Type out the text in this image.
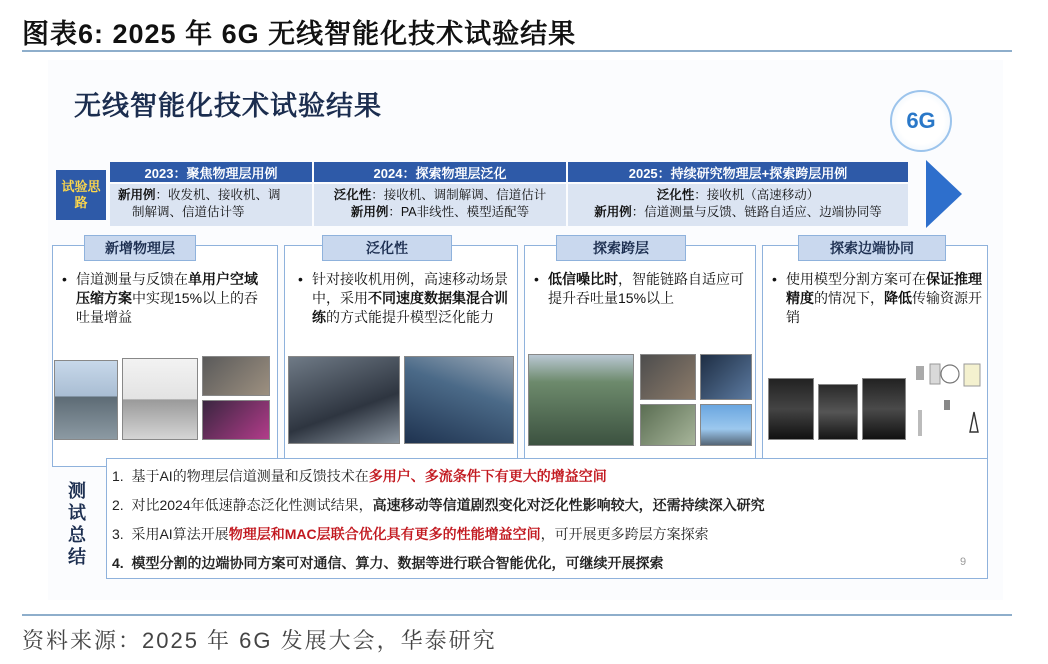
图表6: 2025 年 6G 无线智能化技术试验结果
无线智能化技术试验结果	6G
试验思路
2023：聚焦物理层用例
新用例：收发机、接收机、调
制解调、信道估计等
2024：探索物理层泛化
泛化性：接收机、调制解调、信道估计
新用例：PA非线性、模型适配等
2025：持续研究物理层+探索跨层用例
泛化性：接收机（高速移动）
新用例：信道测量与反馈、链路自适应、边端协同等
新增物理层
• 信道测量与反馈在单用户空域压缩方案中实现15%以上的吞吐量增益
泛化性
• 针对接收机用例，高速移动场景中，采用不同速度数据集混合训练的方式能提升模型泛化能力
探索跨层
• 低信噪比时，智能链路自适应可提升吞吐量15%以上
探索边端协同
• 使用模型分割方案可在保证推理精度的情况下，降低传输资源开销
测
试
总
结
1. 基于AI的物理层信道测量和反馈技术在多用户、多流条件下有更大的增益空间
2. 对比2024年低速静态泛化性测试结果，高速移动等信道剧烈变化对泛化性影响较大，还需持续深入研究
3. 采用AI算法开展物理层和MAC层联合优化具有更多的性能增益空间，可开展更多跨层方案探索
4. 模型分割的边端协同方案可对通信、算力、数据等进行联合智能优化，可继续开展探索	9
资料来源：2025 年 6G 发展大会，华泰研究
